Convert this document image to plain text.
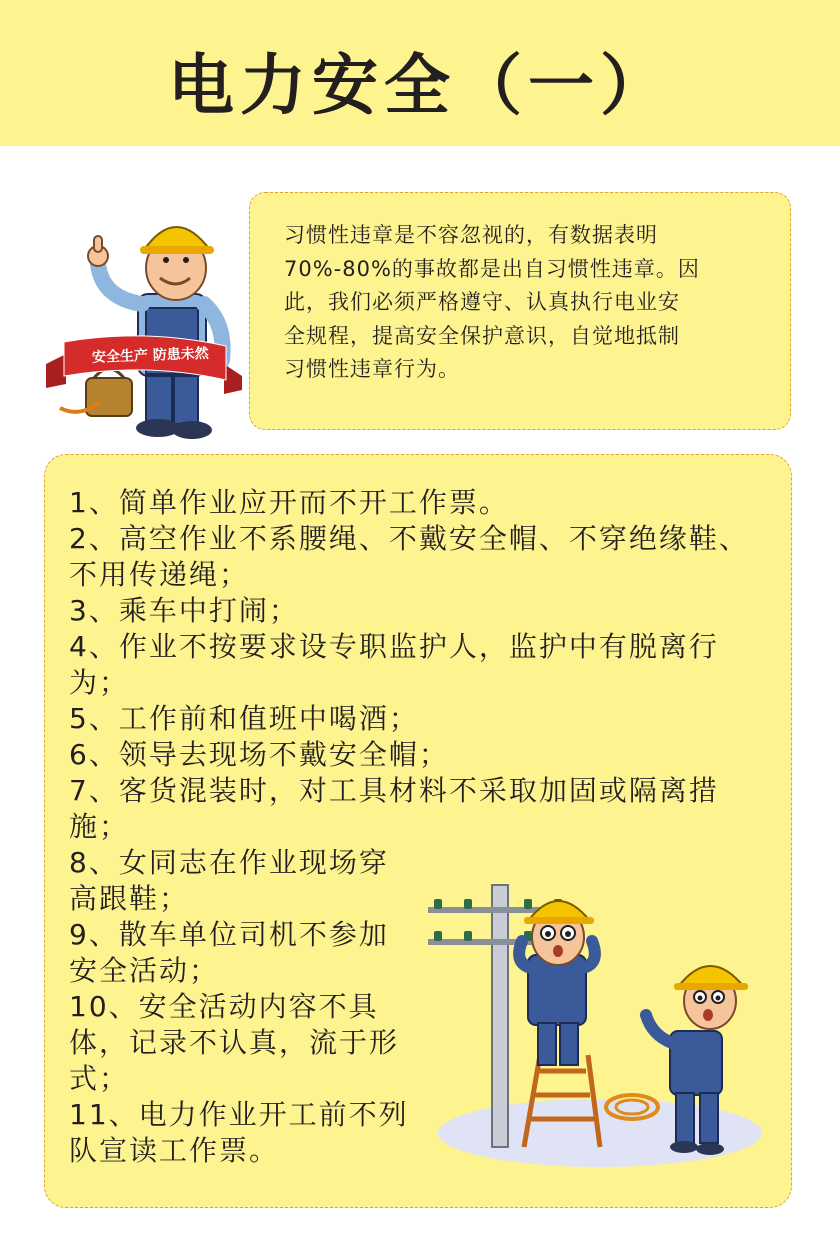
电力安全（一）
安全生产 防患未然

习惯性违章是不容忽视的，有数据表明
70%-80%的事故都是出自习惯性违章。因
此，我们必须严格遵守、认真执行电业安
全规程，提高安全保护意识，自觉地抵制
习惯性违章行为。

1、简单作业应开而不开工作票。
2、高空作业不系腰绳、不戴安全帽、不穿绝缘鞋、不用传递绳；
3、乘车中打闹；
4、作业不按要求设专职监护人，监护中有脱离行为；
5、工作前和值班中喝酒；
6、领导去现场不戴安全帽；
7、客货混装时，对工具材料不采取加固或隔离措施；
8、女同志在作业现场穿高跟鞋；
9、散车单位司机不参加安全活动；
10、安全活动内容不具体，记录不认真，流于形式；
11、电力作业开工前不列队宣读工作票。
